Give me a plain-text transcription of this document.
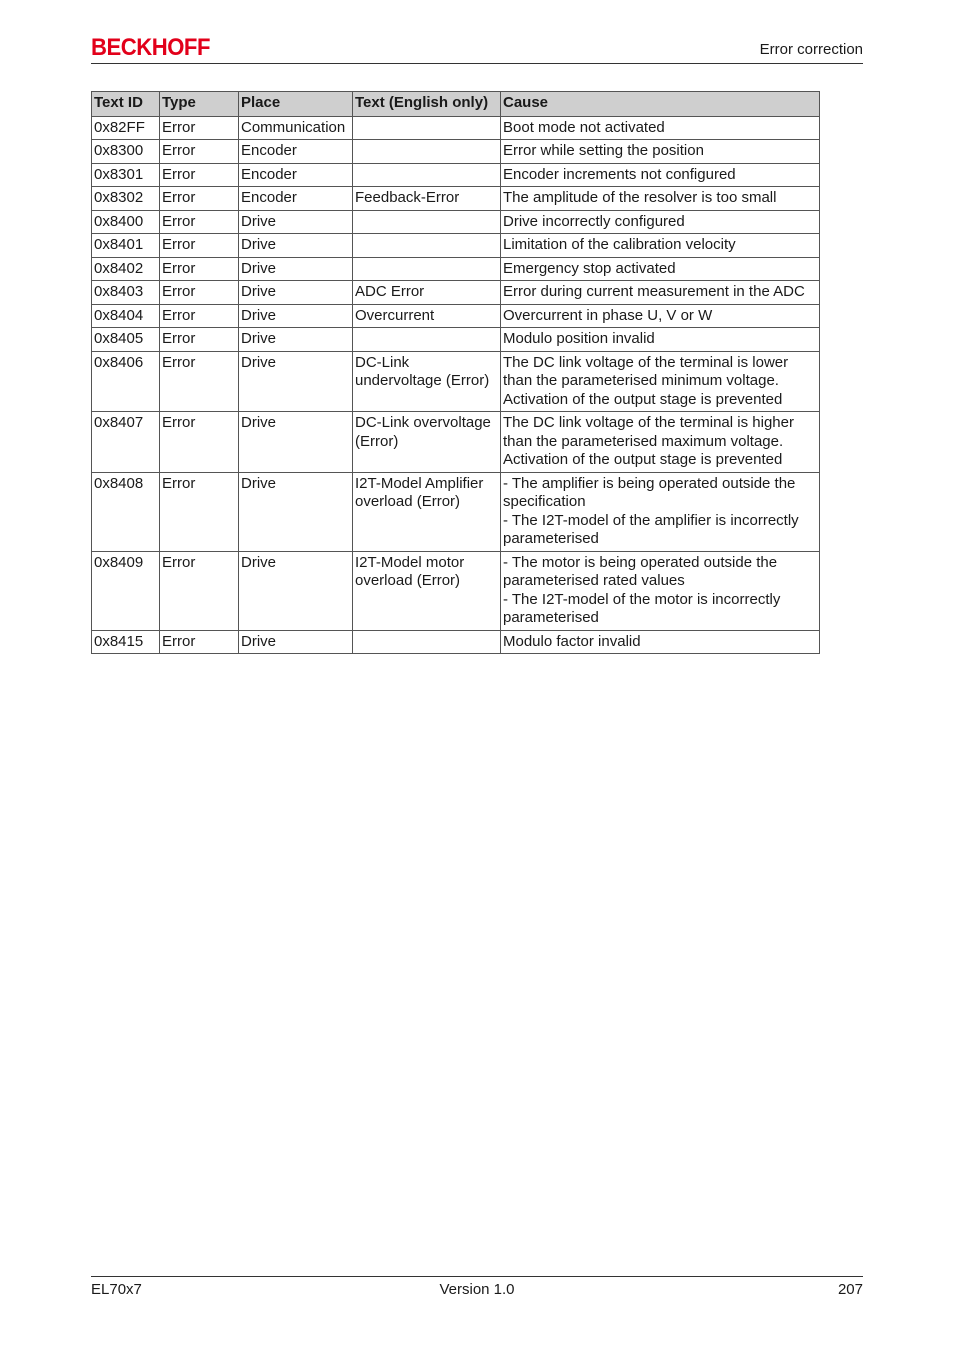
BECKHOFF	Error correction
Text ID	Type	Place	Text (English only)	Cause
0x82FF	Error	Communication		Boot mode not activated

0x8300	Error	Encoder		Error while setting the position

0x8301	Error	Encoder		Encoder increments not configured

0x8302	Error	Encoder	Feedback-Error	The amplitude of the resolver is too small

0x8400	Error	Drive		Drive incorrectly configured

0x8401	Error	Drive		Limitation of the calibration velocity

0x8402	Error	Drive		Emergency stop activated

0x8403	Error	Drive	ADC Error	Error during current measurement in the ADC

0x8404	Error	Drive	Overcurrent	Overcurrent in phase U, V or W

0x8405	Error	Drive		Modulo position invalid

0x8406	Error	Drive	DC-Link undervoltage (Error)	The DC link voltage of the terminal is lower than the parameterised minimum voltage. Activation of the output stage is prevented

0x8407	Error	Drive	DC-Link overvoltage (Error)	The DC link voltage of the terminal is higher than the parameterised maximum voltage. Activation of the output stage is prevented

0x8408	Error	Drive	I2T-Model Amplifier overload (Error)	- The amplifier is being operated outside the specification
- The I2T-model of the amplifier is incorrectly parameterised

0x8409	Error	Drive	I2T-Model motor overload (Error)	- The motor is being operated outside the parameterised rated values
- The I2T-model of the motor is incorrectly parameterised

0x8415	Error	Drive		Modulo factor invalid
EL70x7	Version 1.0	207
